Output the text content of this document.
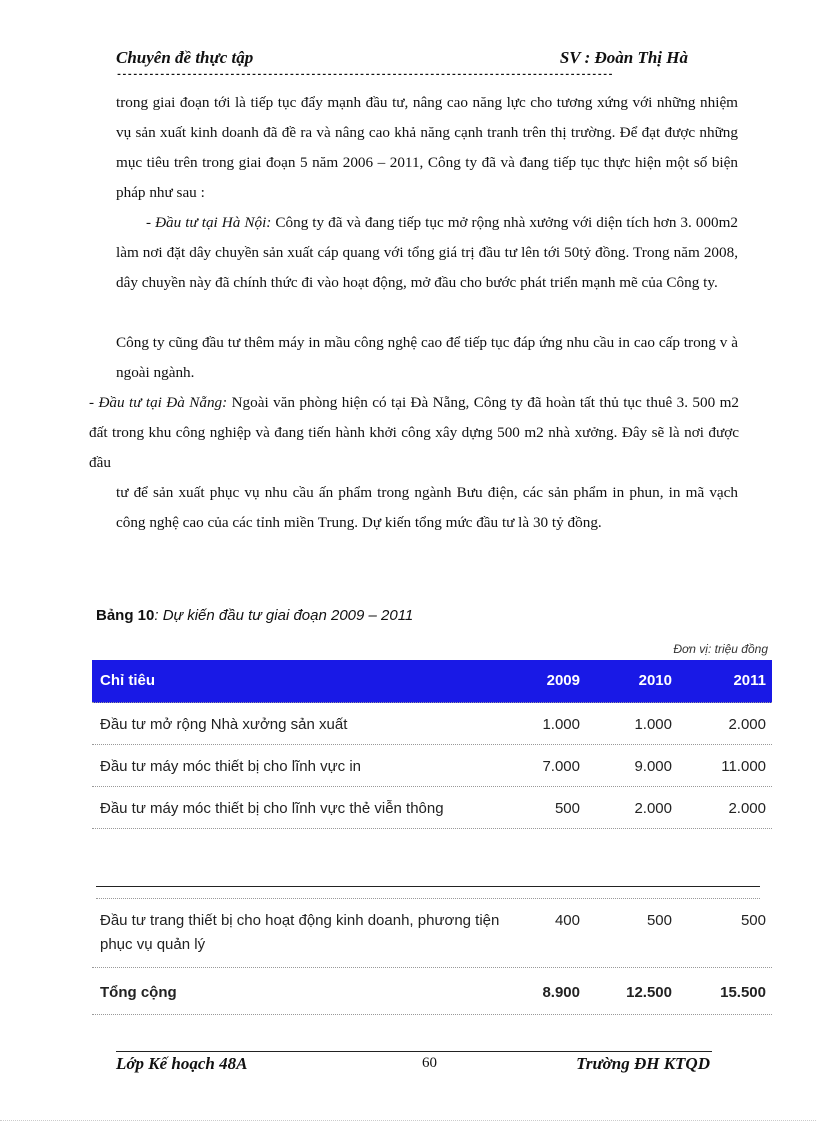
Chuyên đề thực tập	SV : Đoàn Thị Hà
--------------------------------------------------------------------------------------------
trong giai đoạn tới là tiếp tục đẩy mạnh đầu tư, nâng cao năng lực cho tương xứng với những nhiệm vụ sản xuất kinh doanh đã đề ra và nâng cao khả năng cạnh tranh trên thị trường. Để đạt được những mục tiêu trên trong giai đoạn 5 năm 2006 – 2011, Công ty đã và đang tiếp tục thực hiện một số biện pháp như sau :
- Đầu tư tại Hà Nội: Công ty đã và đang tiếp tục mở rộng nhà xưởng với diện tích hơn 3. 000m2 làm nơi đặt dây chuyền sản xuất cáp quang với tổng giá trị đầu tư lên tới 50tỷ đồng. Trong năm 2008, dây chuyền này đã chính thức đi vào hoạt động, mở đầu cho bước phát triển mạnh mẽ của Công ty.
Công ty cũng đầu tư thêm máy in mầu công nghệ cao để tiếp tục đáp ứng nhu cầu in cao cấp trong v à ngoài ngành.
- Đầu tư tại Đà Nẵng: Ngoài văn phòng hiện có tại Đà Nẵng, Công ty đã hoàn tất thủ tục thuê 3. 500 m2 đất trong khu công nghiệp và đang tiến hành khởi công xây dựng 500 m2 nhà xưởng. Đây sẽ là nơi được đầu
tư để sản xuất phục vụ nhu cầu ấn phẩm trong ngành Bưu điện, các sản phẩm in phun, in mã vạch công nghệ cao của các tỉnh miền Trung. Dự kiến tổng mức đầu tư là 30 tỷ đồng.
Bảng 10: Dự kiến đầu tư giai đoạn 2009 – 2011
Đơn vị: triệu đồng
Chỉ tiêu	2009	2010	2011
Đầu tư mở rộng Nhà xưởng sản xuất	1.000	1.000	2.000
Đầu tư máy móc thiết bị cho lĩnh vực in	7.000	9.000	11.000
Đầu tư máy móc thiết bị cho lĩnh vực thẻ viễn thông	500	2.000	2.000
Đầu tư trang thiết bị cho hoạt động kinh doanh, phương tiện phục vụ quản lý
400	500	500
Tổng cộng	8.900	12.500	15.500
Lớp Kế hoạch 48A	60	Trường ĐH KTQD
